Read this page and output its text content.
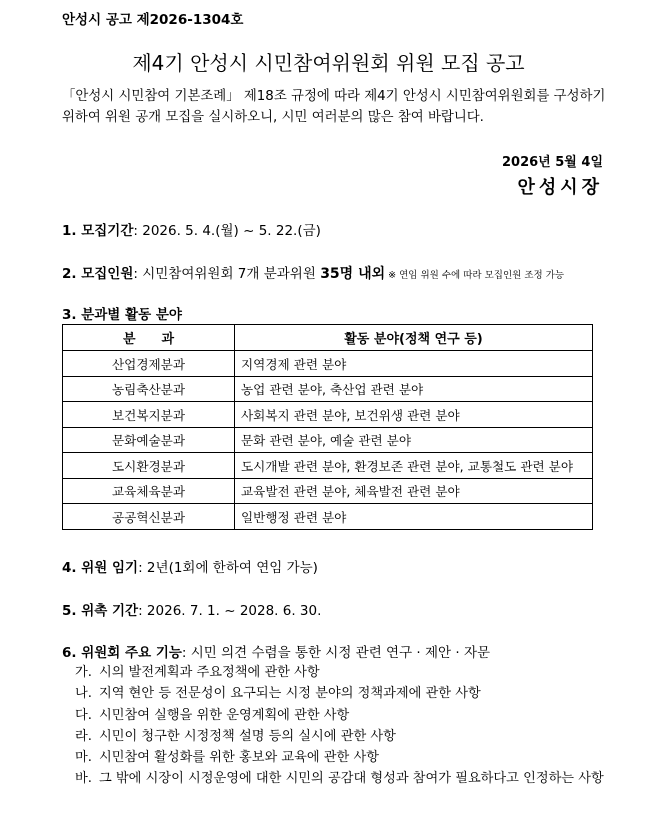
안성시 공고 제2026-1304호
제4기 안성시 시민참여위원회 위원 모집 공고
「안성시 시민참여 기본조례」 제18조 규정에 따라 제4기 안성시 시민참여위원회를 구성하기
위하여 위원 공개 모집을 실시하오니, 시민 여러분의 많은 참여 바랍니다.
2026년 5월 4일
안성시장
1. 모집기간: 2026. 5. 4.(월) ~ 5. 22.(금)
2. 모집인원: 시민참여위원회 7개 분과위원 35명 내외 ※ 연임 위원 수에 따라 모집인원 조정 가능
3. 분과별 활동 분야
분과	활동 분야(정책 연구 등)
산업경제분과	지역경제 관련 분야
농림축산분과	농업 관련 분야, 축산업 관련 분야
보건복지분과	사회복지 관련 분야, 보건위생 관련 분야
문화예술분과	문화 관련 분야, 예술 관련 분야
도시환경분과	도시개발 관련 분야, 환경보존 관련 분야, 교통철도 관련 분야
교육체육분과	교육발전 관련 분야, 체육발전 관련 분야
공공혁신분과	일반행정 관련 분야
4. 위원 임기: 2년(1회에 한하여 연임 가능)
5. 위촉 기간: 2026. 7. 1. ~ 2028. 6. 30.
6. 위원회 주요 기능: 시민 의견 수렴을 통한 시정 관련 연구 · 제안 · 자문
가. 시의 발전계획과 주요정책에 관한 사항
나. 지역 현안 등 전문성이 요구되는 시정 분야의 정책과제에 관한 사항
다. 시민참여 실행을 위한 운영계획에 관한 사항
라. 시민이 청구한 시정정책 설명 등의 실시에 관한 사항
마. 시민참여 활성화를 위한 홍보와 교육에 관한 사항
바. 그 밖에 시장이 시정운영에 대한 시민의 공감대 형성과 참여가 필요하다고 인정하는 사항
